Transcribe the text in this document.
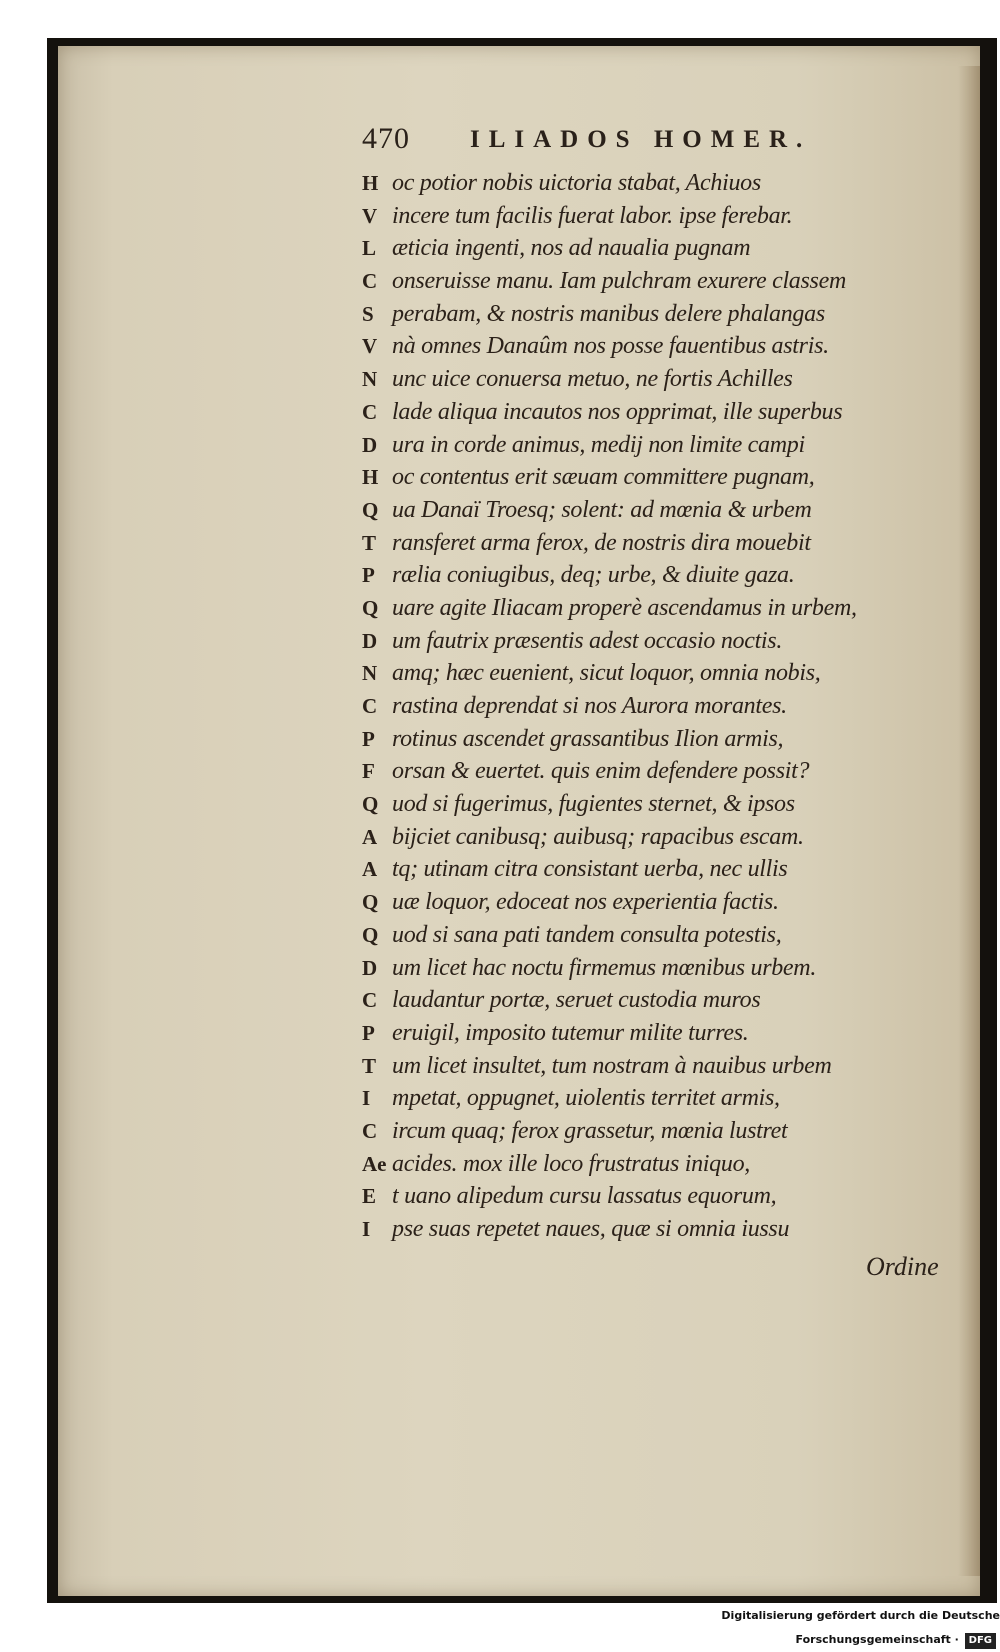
470 ILIADOS HOMER.
H oc potior nobis uictoria stabat, Achiuos
V incere tum facilis fuerat labor. ipse ferebar.
L æticia ingenti, nos ad naualia pugnam
C onseruisse manu. Iam pulchram exurere classem
S perabam, & nostris manibus delere phalangas
V nà omnes Danaûm nos posse fauentibus astris.
N unc uice conuersa metuo, ne fortis Achilles
C lade aliqua incautos nos opprimat, ille superbus
D ura in corde animus, medij non limite campi
H oc contentus erit sæuam committere pugnam,
Q ua Danaï Troesq; solent: ad mœnia & urbem
T ransferet arma ferox, de nostris dira mouebit
P rælia coniugibus, deq; urbe, & diuite gaza.
Q uare agite Iliacam properè ascendamus in urbem,
D um fautrix præsentis adest occasio noctis.
N amq; hæc euenient, sicut loquor, omnia nobis,
C rastina deprendat si nos Aurora morantes.
P rotinus ascendet grassantibus Ilion armis,
F orsan & euertet. quis enim defendere possit?
Q uod si fugerimus, fugientes sternet, & ipsos
A bijciet canibusq; auibusq; rapacibus escam.
A tq; utinam citra consistant uerba, nec ullis
Q uæ loquor, edoceat nos experientia factis.
Q uod si sana pati tandem consulta potestis,
D um licet hac noctu firmemus mœnibus urbem.
C laudantur portæ, seruet custodia muros
P eruigil, imposito tutemur milite turres.
T um licet insultet, tum nostram à nauibus urbem
I mpetat, oppugnet, uiolentis territet armis,
C ircum quaq; ferox grassetur, mœnia lustret
Ae acides. mox ille loco frustratus iniquo,
E t uano alipedum cursu lassatus equorum,
I pse suas repetet naues, quæ si omnia iussu
Ordine
Digitalisierung gefördert durch die Deutsche Forschungsgemeinschaft · DFG
